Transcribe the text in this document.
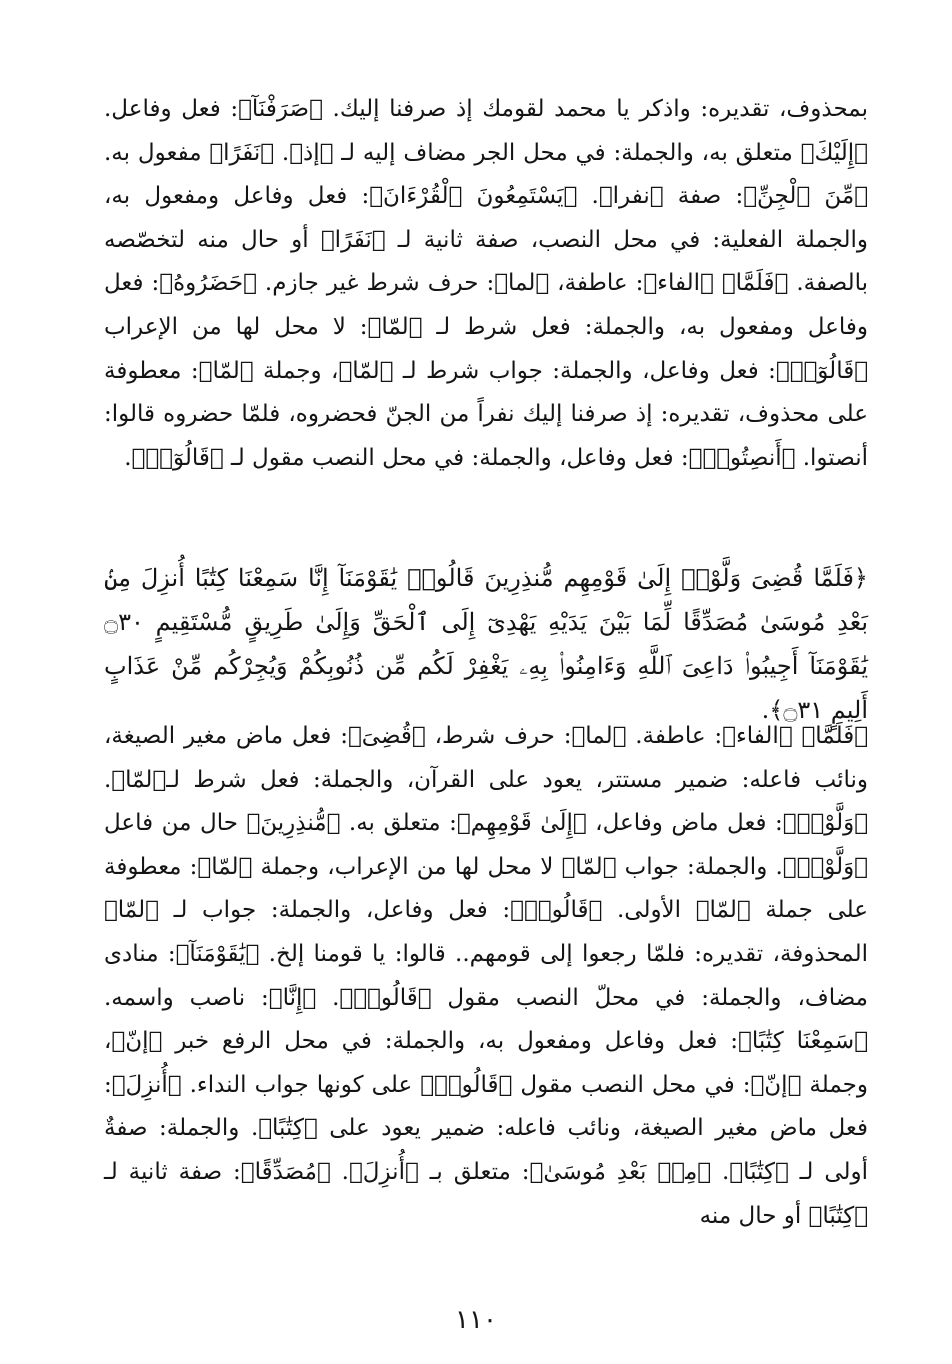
بمحذوف، تقديره: واذكر يا محمد لقومك إذ صرفنا إليك. ﴿صَرَفْنَآ﴾: فعل وفاعل. ﴿إِلَيْكَ﴾ متعلق به، والجملة: في محل الجر مضاف إليه لـ ﴿إذ﴾. ﴿نَفَرًا﴾ مفعول به. ﴿مِّنَ ٱلْجِنِّ﴾: صفة ﴿نفرا﴾. ﴿يَسْتَمِعُونَ ٱلْقُرْءَانَ﴾: فعل وفاعل ومفعول به، والجملة الفعلية: في محل النصب، صفة ثانية لـ ﴿نَفَرًا﴾ أو حال منه لتخصّصه بالصفة. ﴿فَلَمَّا﴾ ﴿الفاء﴾: عاطفة، ﴿لما﴾: حرف شرط غير جازم. ﴿حَضَرُوهُ﴾: فعل وفاعل ومفعول به، والجملة: فعل شرط لـ ﴿لمّا﴾: لا محل لها من الإعراب ﴿قَالُوٓا۟﴾: فعل وفاعل، والجملة: جواب شرط لـ ﴿لمّا﴾، وجملة ﴿لمّا﴾: معطوفة على محذوف، تقديره: إذ صرفنا إليك نفراً من الجنّ فحضروه، فلمّا حضروه قالوا: أنصتوا. ﴿أَنصِتُوا۟﴾: فعل وفاعل، والجملة: في محل النصب مقول لـ ﴿قَالُوٓا۟﴾.

﴿فَلَمَّا قُضِىَ وَلَّوْا۟ إِلَىٰ قَوْمِهِم مُّنذِرِينَ قَالُوا۟ يَٰقَوْمَنَآ إِنَّا سَمِعْنَا كِتَٰبًا أُنزِلَ مِنۢ بَعْدِ مُوسَىٰ مُصَدِّقًا لِّمَا بَيْنَ يَدَيْهِ يَهْدِىٓ إِلَى ٱلْحَقِّ وَإِلَىٰ طَرِيقٍ مُّسْتَقِيمٍ ۝٣٠ يَٰقَوْمَنَآ أَجِيبُوا۟ دَاعِىَ ٱللَّهِ وَءَامِنُوا۟ بِهِۦ يَغْفِرْ لَكُم مِّن ذُنُوبِكُمْ وَيُجِرْكُم مِّنْ عَذَابٍ أَلِيمٍ ۝٣١﴾.

﴿فَلَمَّا﴾ ﴿الفاء﴾: عاطفة. ﴿لما﴾: حرف شرط، ﴿قُضِىَ﴾: فعل ماض مغير الصيغة، ونائب فاعله: ضمير مستتر، يعود على القرآن، والجملة: فعل شرط لـ﴿لمّا﴾. ﴿وَلَّوْا۟﴾: فعل ماض وفاعل، ﴿إِلَىٰ قَوْمِهِم﴾: متعلق به. ﴿مُّنذِرِينَ﴾ حال من فاعل ﴿وَلَّوْا۟﴾. والجملة: جواب ﴿لمّا﴾ لا محل لها من الإعراب، وجملة ﴿لمّا﴾: معطوفة على جملة ﴿لمّا﴾ الأولى. ﴿قَالُوا۟﴾: فعل وفاعل، والجملة: جواب لـ ﴿لمّا﴾ المحذوفة، تقديره: فلمّا رجعوا إلى قومهم.. قالوا: يا قومنا إلخ. ﴿يَٰقَوْمَنَآ﴾: منادى مضاف، والجملة: في محلّ النصب مقول ﴿قَالُوا۟﴾. ﴿إِنَّا﴾: ناصب واسمه. ﴿سَمِعْنَا كِتَٰبًا﴾: فعل وفاعل ومفعول به، والجملة: في محل الرفع خبر ﴿إنّ﴾، وجملة ﴿إنّ﴾: في محل النصب مقول ﴿قَالُوا۟﴾ على كونها جواب النداء. ﴿أُنزِلَ﴾: فعل ماض مغير الصيغة، ونائب فاعله: ضمير يعود على ﴿كِتَٰبًا﴾. والجملة: صفةٌ أولى لـ ﴿كِتَٰبًا﴾. ﴿مِنۢ بَعْدِ مُوسَىٰ﴾: متعلق بـ ﴿أُنزِلَ﴾. ﴿مُصَدِّقًا﴾: صفة ثانية لـ ﴿كِتَٰبًا﴾ أو حال منه

١١٠
